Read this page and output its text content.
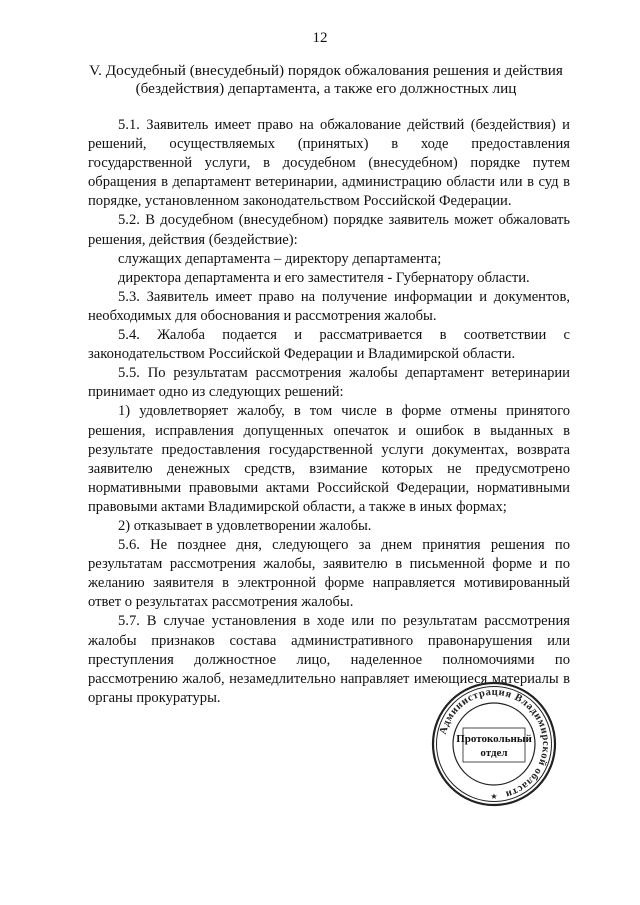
12
V. Досудебный (внесудебный) порядок обжалования решения и действия
(бездействия) департамента, а также его должностных лиц

5.1. Заявитель имеет право на обжалование действий (бездействия) и решений, осуществляемых (принятых) в ходе предоставления государственной услуги, в досудебном (внесудебном) порядке путем обращения в департамент ветеринарии, администрацию области или в суд в порядке, установленном законодательством Российской Федерации.

5.2. В досудебном (внесудебном) порядке заявитель может обжаловать решения, действия (бездействие):

служащих департамента – директору департамента;

директора департамента и его заместителя - Губернатору области.

5.3. Заявитель имеет право на получение информации и документов, необходимых для обоснования и рассмотрения жалобы.

5.4. Жалоба подается и рассматривается в соответствии с законодательством Российской Федерации и Владимирской области.

5.5. По результатам рассмотрения жалобы департамент ветеринарии принимает одно из следующих решений:

1) удовлетворяет жалобу, в том числе в форме отмены принятого решения, исправления допущенных опечаток и ошибок в выданных в результате предоставления государственной услуги документах, возврата заявителю денежных средств, взимание которых не предусмотрено нормативными правовыми актами Российской Федерации, нормативными правовыми актами Владимирской области, а также в иных формах;

2) отказывает в удовлетворении жалобы.

5.6. Не позднее дня, следующего за днем принятия решения по результатам рассмотрения жалобы, заявителю в письменной форме и по желанию заявителя в электронной форме направляется мотивированный ответ о результатах рассмотрения жалобы.

5.7. В случае установления в ходе или по результатам рассмотрения жалобы признаков состава административного правонарушения или преступления должностное лицо, наделенное полномочиями по рассмотрению жалоб, незамедлительно направляет имеющиеся материалы в органы прокуратуры.

Администрация Владимирской области
★
Протокольный
отдел
